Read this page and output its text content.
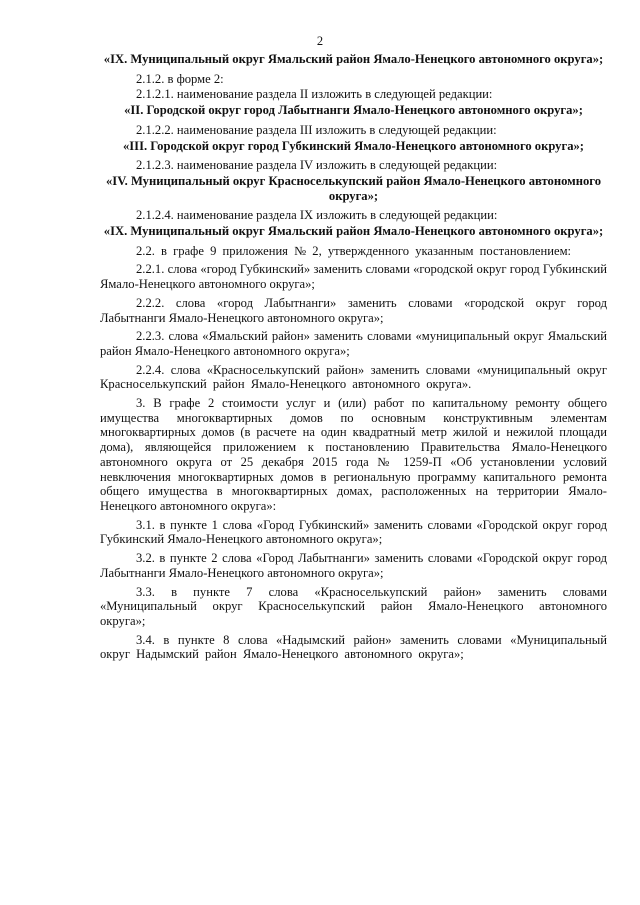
2
«IX. Муниципальный округ Ямальский район Ямало-Ненецкого автономного округа»;
2.1.2. в форме 2:
2.1.2.1. наименование раздела II изложить в следующей редакции:
«II. Городской округ город Лабытнанги Ямало-Ненецкого автономного округа»;
2.1.2.2. наименование раздела III изложить в следующей редакции:
«III. Городской округ город Губкинский Ямало-Ненецкого автономного округа»;
2.1.2.3. наименование раздела IV изложить в следующей редакции:
«IV. Муниципальный округ Красноселькупский район Ямало-Ненецкого автономного округа»;
2.1.2.4. наименование раздела IX изложить в следующей редакции:
«IX. Муниципальный округ Ямальский район Ямало-Ненецкого автономного округа»;
2.2. в графе 9 приложения № 2, утвержденного указанным постановлением:
2.2.1. слова «город Губкинский» заменить словами «городской округ город Губкинский Ямало-Ненецкого автономного округа»;
2.2.2. слова «город Лабытнанги» заменить словами «городской округ город Лабытнанги Ямало-Ненецкого автономного округа»;
2.2.3. слова «Ямальский район» заменить словами «муниципальный округ Ямальский район Ямало-Ненецкого автономного округа»;
2.2.4. слова «Красноселькупский район» заменить словами «муниципальный округ Красноселькупский район Ямало-Ненецкого автономного округа».
3. В графе 2 стоимости услуг и (или) работ по капитальному ремонту общего имущества многоквартирных домов по основным конструктивным элементам многоквартирных домов (в расчете на один квадратный метр жилой и нежилой площади дома), являющейся приложением к постановлению Правительства Ямало-Ненецкого автономного округа от 25 декабря 2015 года № 1259-П «Об установлении условий невключения многоквартирных домов в региональную программу капитального ремонта общего имущества в многоквартирных домах, расположенных на территории Ямало-Ненецкого автономного округа»:
3.1. в пункте 1 слова «Город Губкинский» заменить словами «Городской округ город Губкинский Ямало-Ненецкого автономного округа»;
3.2. в пункте 2 слова «Город Лабытнанги» заменить словами «Городской округ город Лабытнанги Ямало-Ненецкого автономного округа»;
3.3. в пункте 7 слова «Красноселькупский район» заменить словами «Муниципальный округ Красноселькупский район Ямало-Ненецкого автономного округа»;
3.4. в пункте 8 слова «Надымский район» заменить словами «Муниципальный округ Надымский район Ямало-Ненецкого автономного округа»;
